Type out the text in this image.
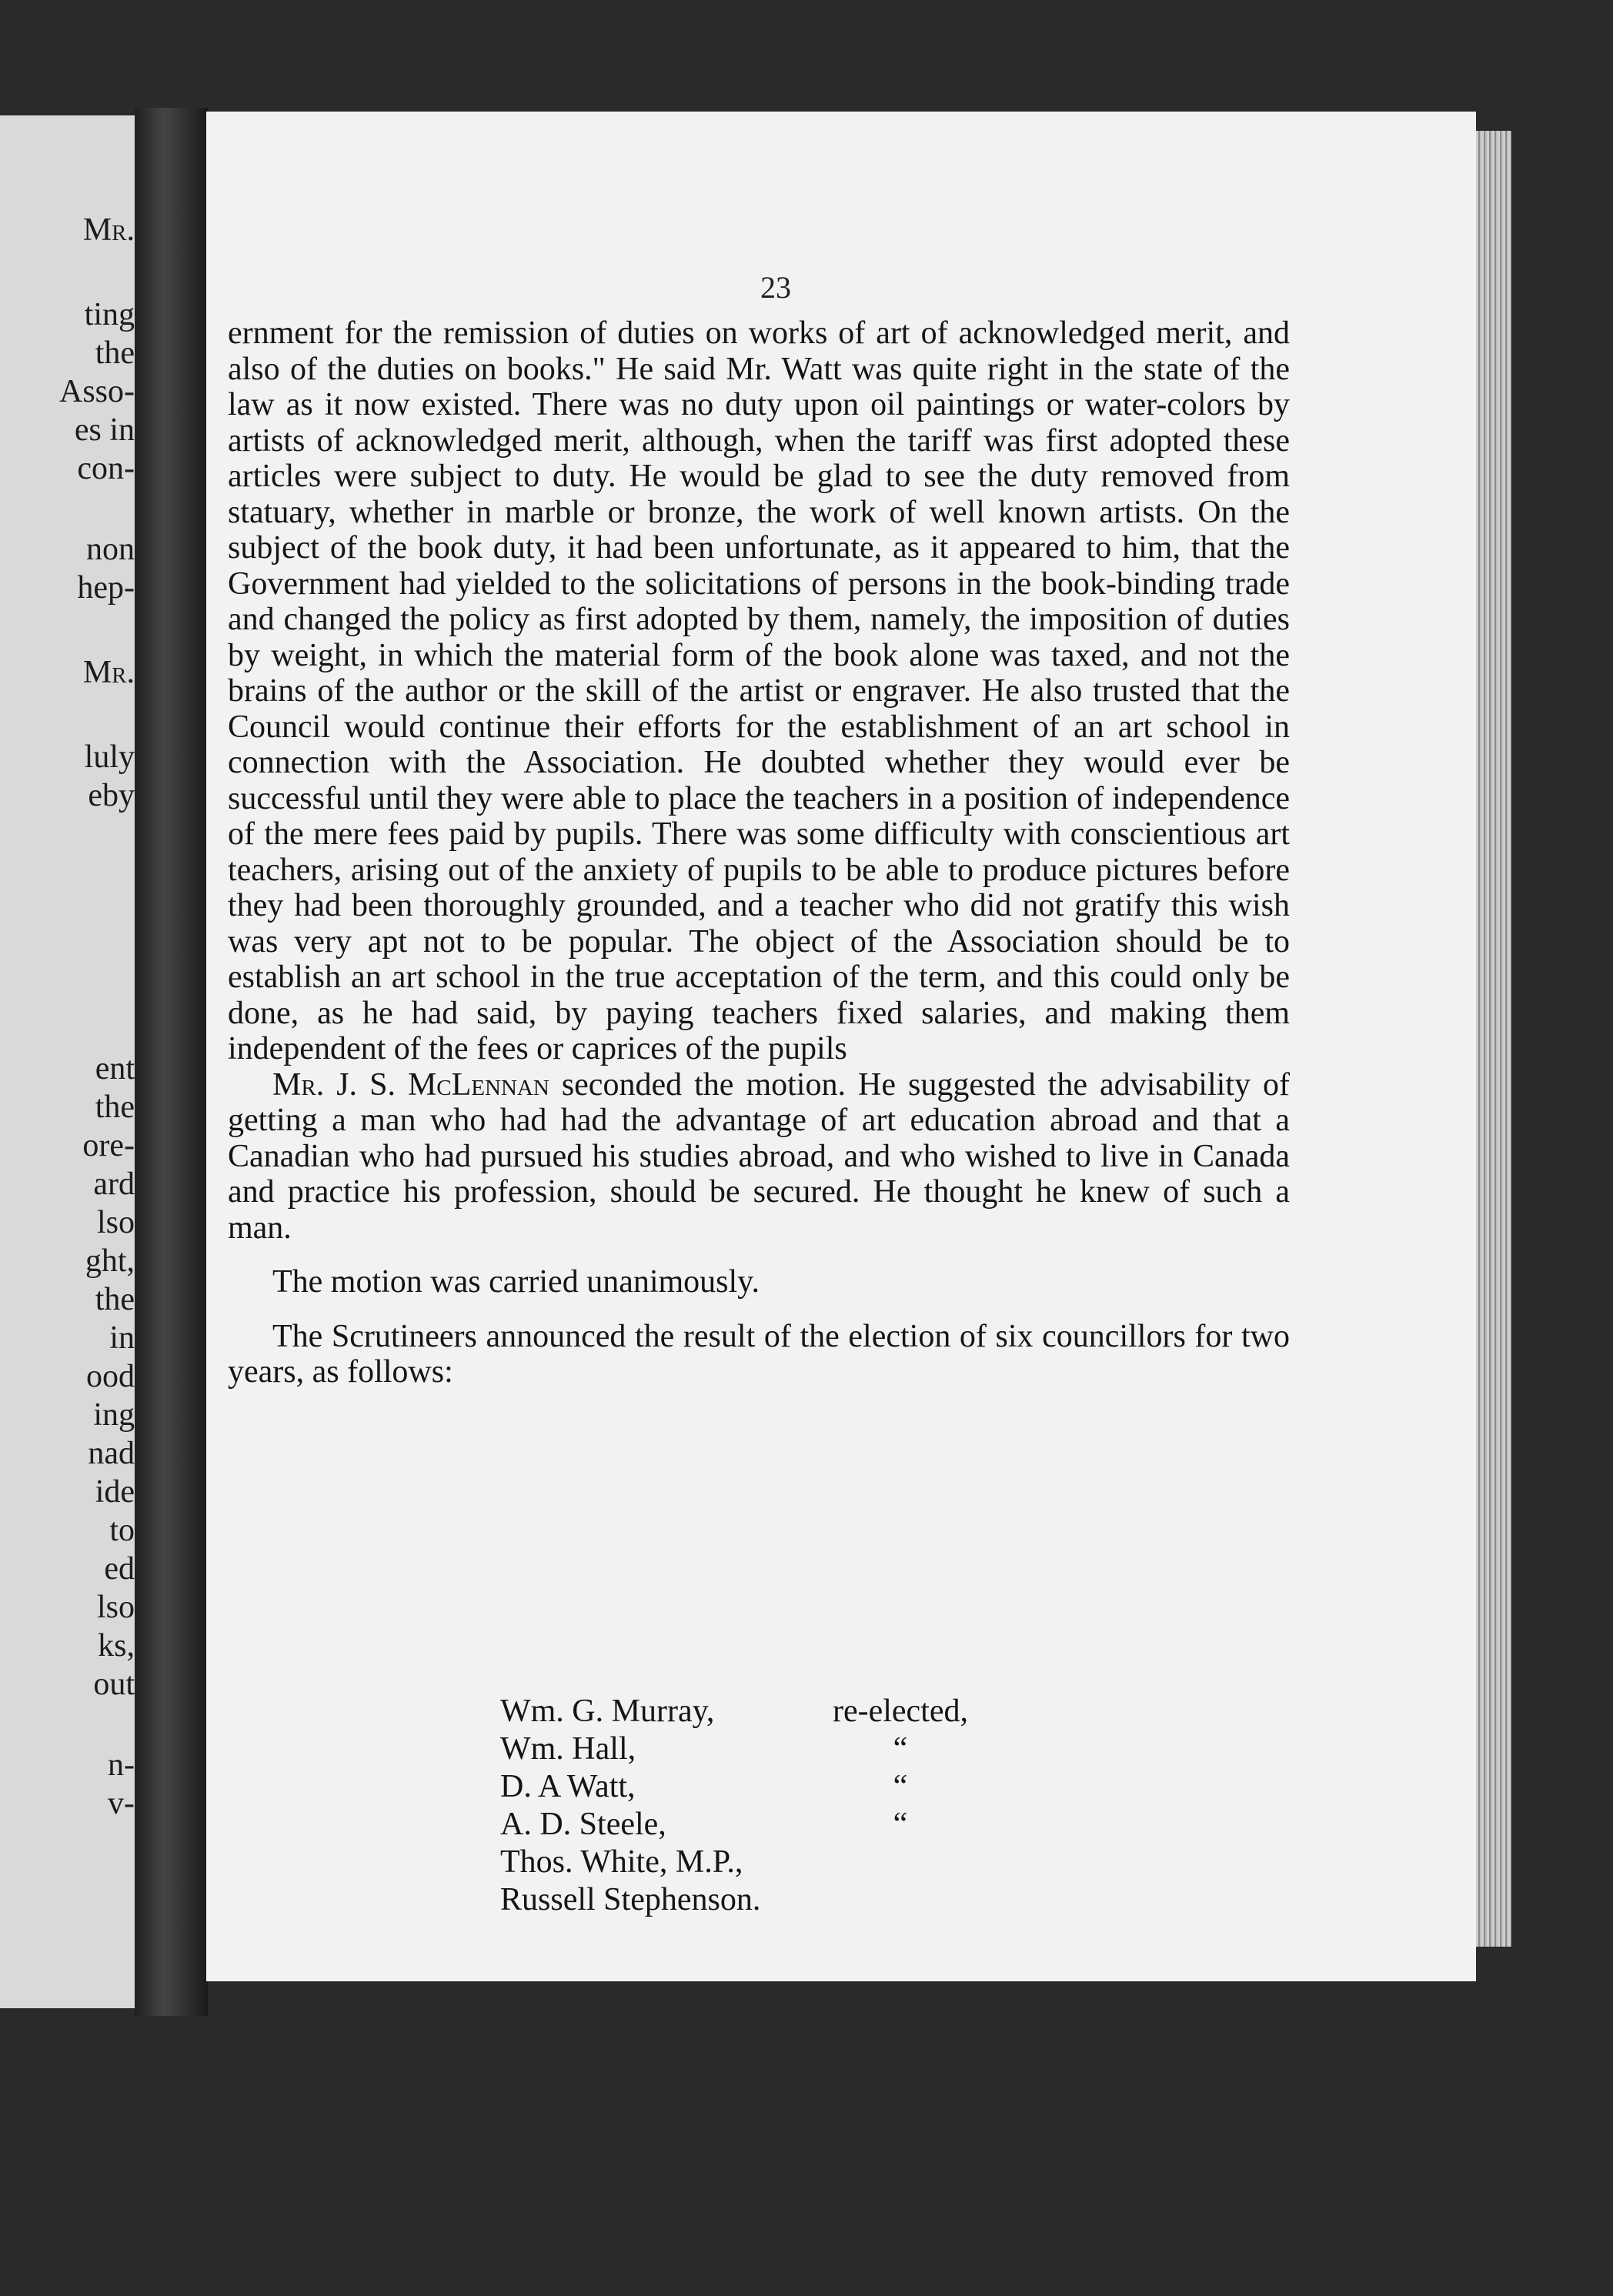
Mr.
ting
the
Asso-
es in
con-
non
hep-
Mr.
luly
eby
ent
the
ore-
ard
lso
ght,
the
in
ood
ing
nad
ide
to
ed
lso
ks,
out
n-
v-
23

ernment for the remission of duties on works of art of acknowledged merit, and also of the duties on books." He said Mr. Watt was quite right in the state of the law as it now existed. There was no duty upon oil paintings or water-colors by artists of acknowledged merit, although, when the tariff was first adopted these articles were subject to duty. He would be glad to see the duty removed from statuary, whether in marble or bronze, the work of well known artists. On the subject of the book duty, it had been unfortunate, as it appeared to him, that the Government had yielded to the solicitations of persons in the book-binding trade and changed the policy as first adopted by them, namely, the imposition of duties by weight, in which the material form of the book alone was taxed, and not the brains of the author or the skill of the artist or engraver. He also trusted that the Council would continue their efforts for the establishment of an art school in connection with the Association. He doubted whether they would ever be successful until they were able to place the teachers in a position of independence of the mere fees paid by pupils. There was some difficulty with conscientious art teachers, arising out of the anxiety of pupils to be able to produce pictures before they had been thoroughly grounded, and a teacher who did not gratify this wish was very apt not to be popular. The object of the Association should be to establish an art school in the true acceptation of the term, and this could only be done, as he had said, by paying teachers fixed salaries, and making them independent of the fees or caprices of the pupils

Mr. J. S. McLennan seconded the motion. He suggested the advisability of getting a man who had had the advantage of art education abroad and that a Canadian who had pursued his studies abroad, and who wished to live in Canada and practice his profession, should be secured. He thought he knew of such a man.

The motion was carried unanimously.

The Scrutineers announced the result of the election of six councillors for two years, as follows:

Wm. G. Murray,	re-elected,
Wm. Hall,	“
D. A Watt,	“
A. D. Steele,	“
Thos. White, M.P.,	
Russell Stephenson.	
